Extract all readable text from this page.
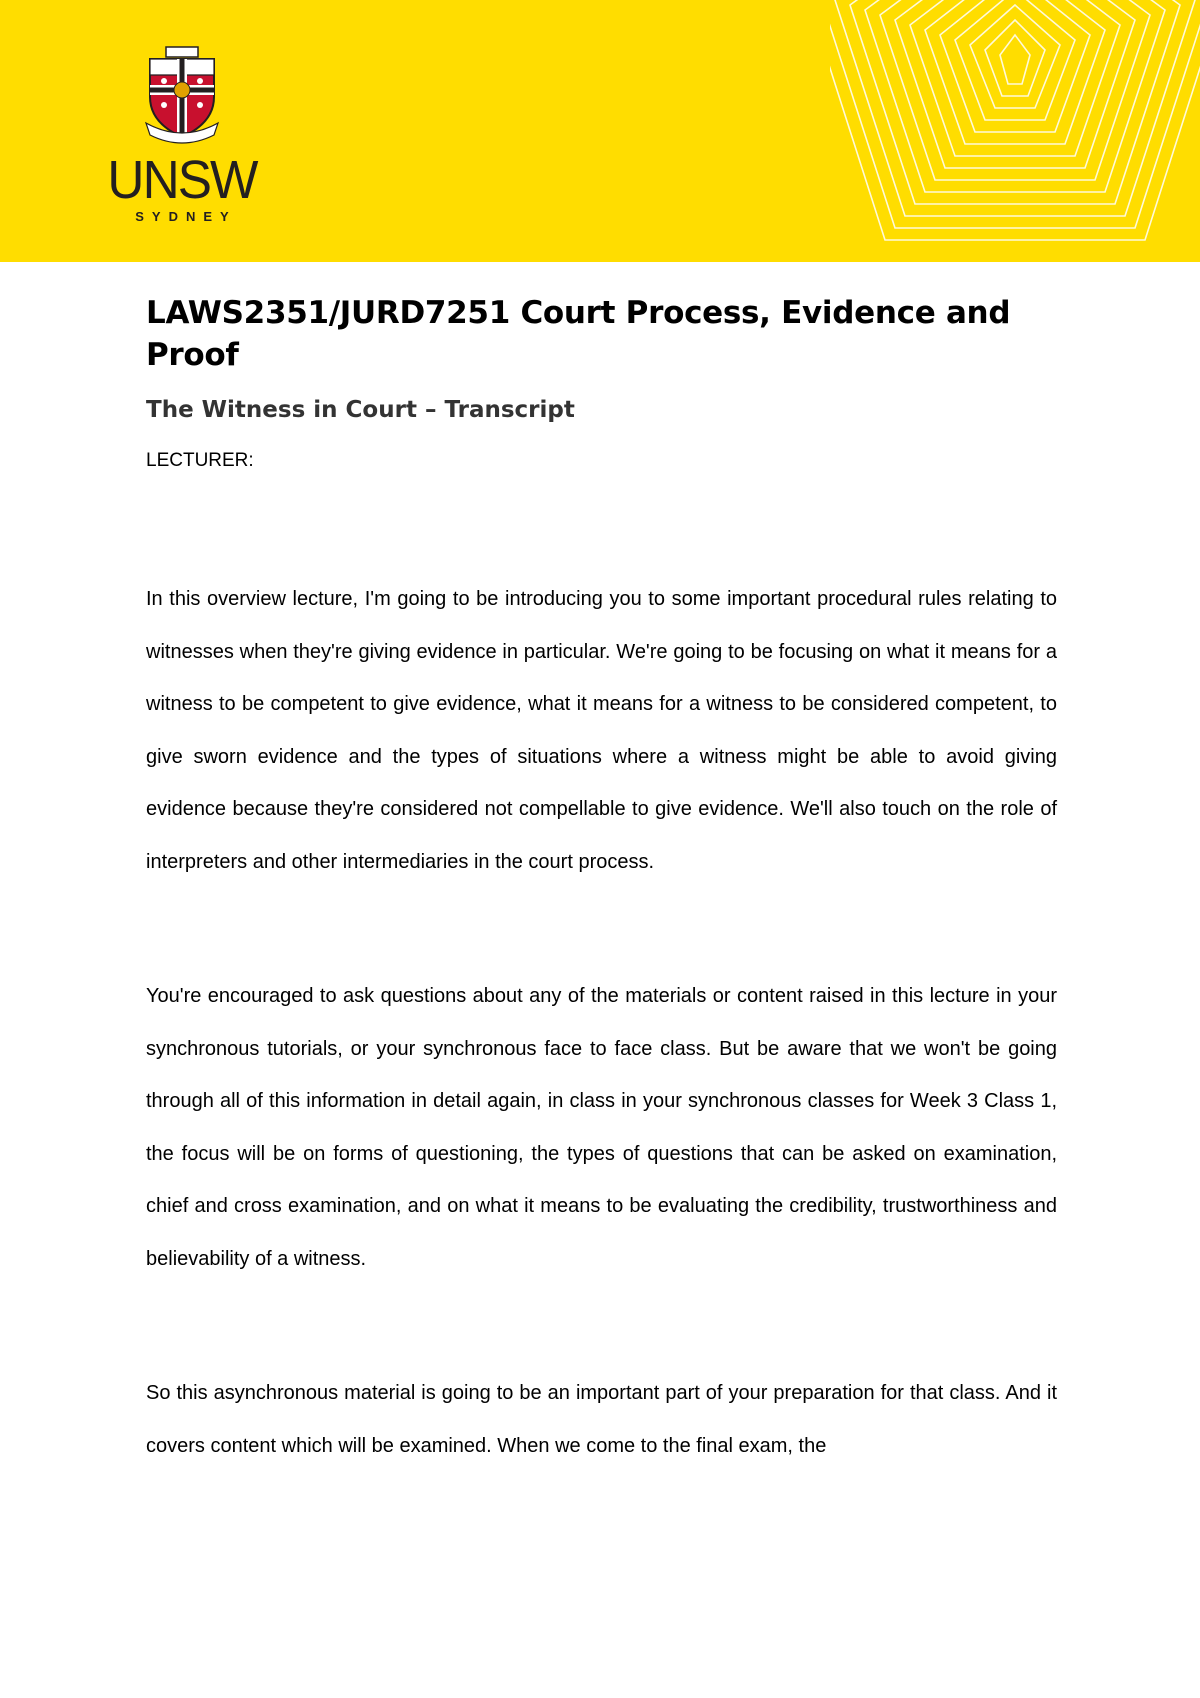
UNSW
SYDNEY
LAWS2351/JURD7251 Court Process, Evidence and Proof
The Witness in Court – Transcript

LECTURER:

In this overview lecture, I'm going to be introducing you to some important procedural rules relating to witnesses when they're giving evidence in particular. We're going to be focusing on what it means for a witness to be competent to give evidence, what it means for a witness to be considered competent, to give sworn evidence and the types of situations where a witness might be able to avoid giving evidence because they're considered not compellable to give evidence. We'll also touch on the role of interpreters and other intermediaries in the court process.

You're encouraged to ask questions about any of the materials or content raised in this lecture in your synchronous tutorials, or your synchronous face to face class. But be aware that we won't be going through all of this information in detail again, in class in your synchronous classes for Week 3 Class 1, the focus will be on forms of questioning, the types of questions that can be asked on examination, chief and cross examination, and on what it means to be evaluating the credibility, trustworthiness and believability of a witness.

So this asynchronous material is going to be an important part of your preparation for that class. And it covers content which will be examined. When we come to the final exam, the
